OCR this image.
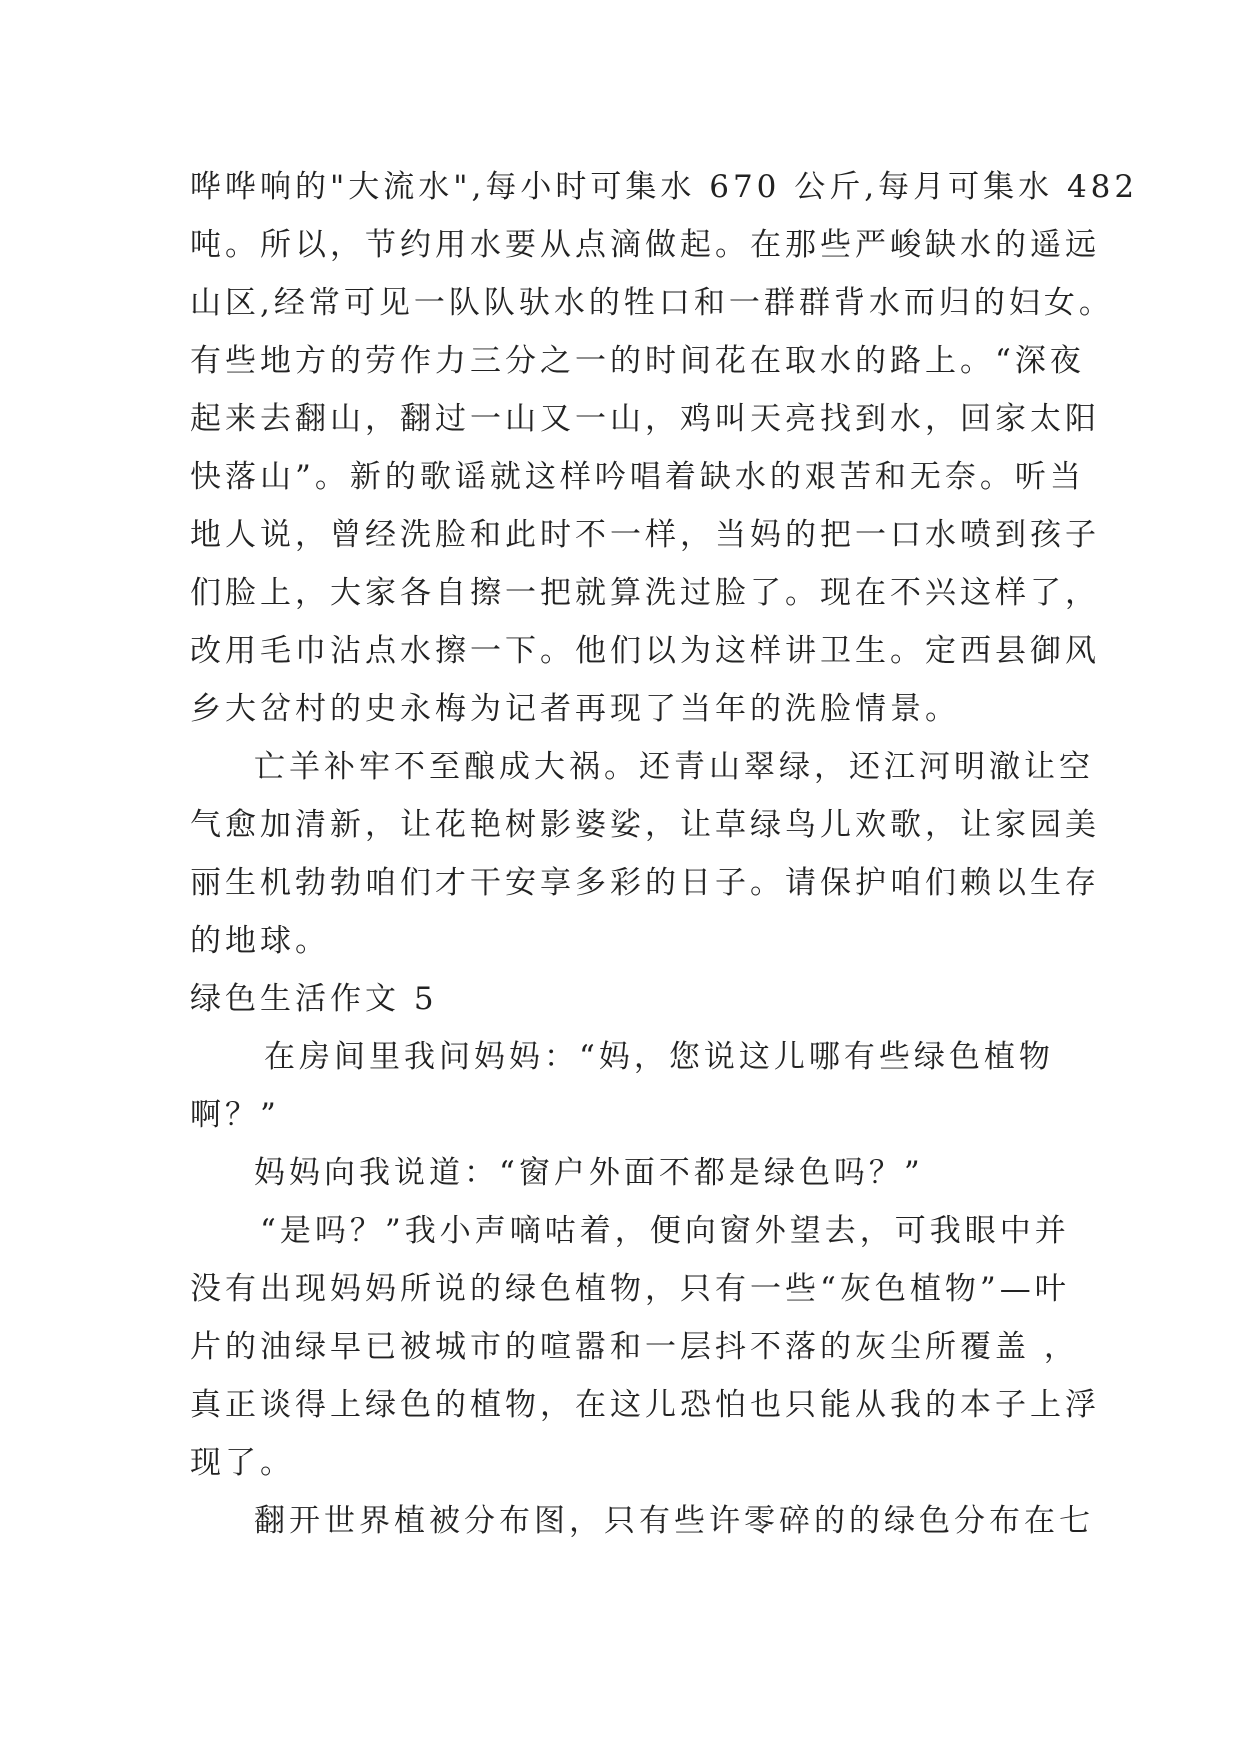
哗哗响的"大流水",每小时可集水 670 公斤,每月可集水 482
吨。所以，节约用水要从点滴做起。在那些严峻缺水的遥远
山区,经常可见一队队驮水的牲口和一群群背水而归的妇女。
有些地方的劳作力三分之一的时间花在取水的路上。“深夜
起来去翻山，翻过一山又一山，鸡叫天亮找到水，回家太阳
快落山”。新的歌谣就这样吟唱着缺水的艰苦和无奈。听当
地人说，曾经洗脸和此时不一样，当妈的把一口水喷到孩子
们脸上，大家各自擦一把就算洗过脸了。现在不兴这样了，
改用毛巾沾点水擦一下。他们以为这样讲卫生。定西县御风
乡大岔村的史永梅为记者再现了当年的洗脸情景。
亡羊补牢不至酿成大祸。还青山翠绿，还江河明澈让空
气愈加清新，让花艳树影婆娑，让草绿鸟儿欢歌，让家园美
丽生机勃勃咱们才干安享多彩的日子。请保护咱们赖以生存
的地球。
绿色生活作文 5
在房间里我问妈妈：“妈，您说这儿哪有些绿色植物
啊？”
妈妈向我说道：“窗户外面不都是绿色吗？”
“是吗？”我小声嘀咕着，便向窗外望去，可我眼中并
没有出现妈妈所说的绿色植物，只有一些“灰色植物”—叶
片的油绿早已被城市的喧嚣和一层抖不落的灰尘所覆盖 ，
真正谈得上绿色的植物，在这儿恐怕也只能从我的本子上浮
现了。
翻开世界植被分布图，只有些许零碎的的绿色分布在七
